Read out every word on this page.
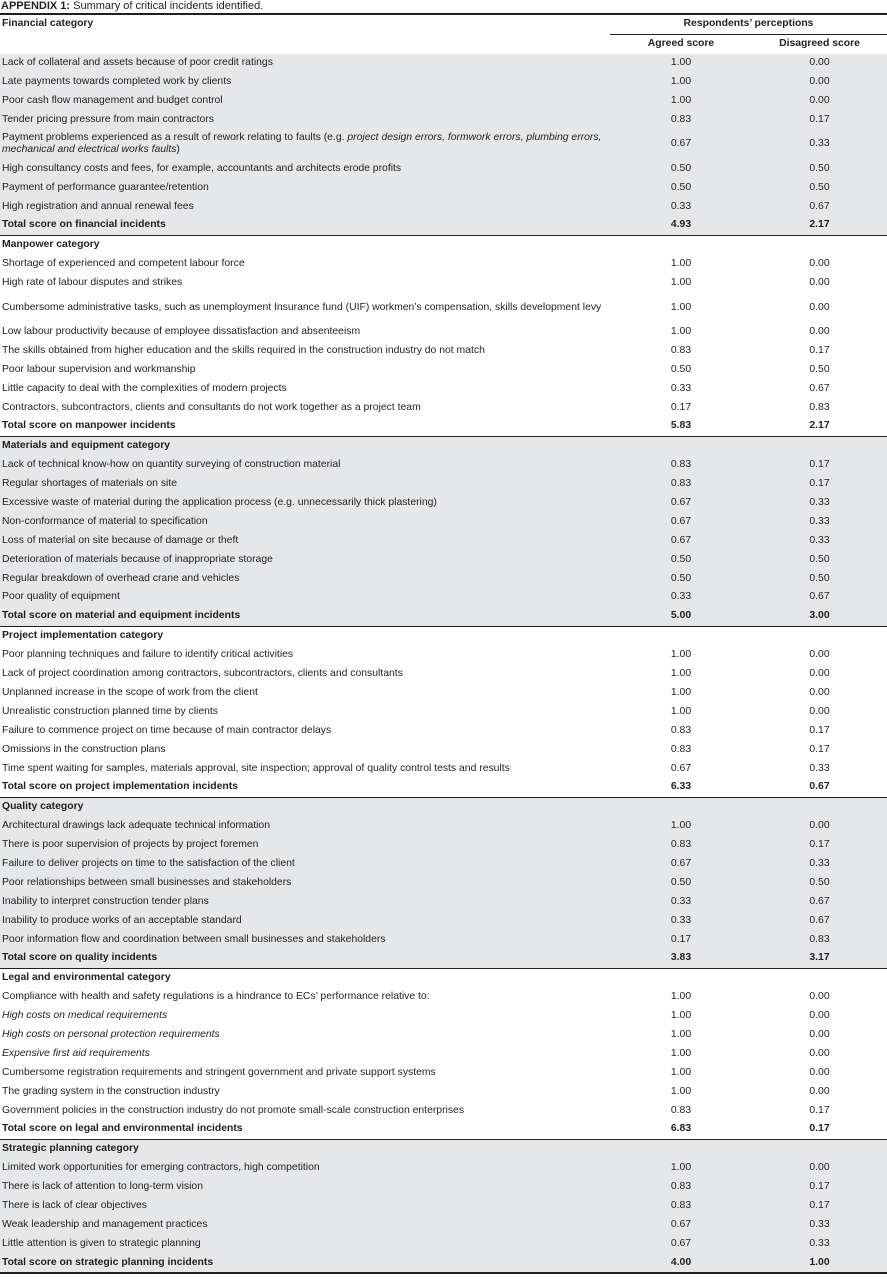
APPENDIX 1: Summary of critical incidents identified.
Financial category	Respondents’ perceptions	
	Agreed score	Disagreed score
Lack of collateral and assets because of poor credit ratings	1.00	0.00
Late payments towards completed work by clients	1.00	0.00
Poor cash flow management and budget control	1.00	0.00
Tender pricing pressure from main contractors	0.83	0.17
Payment problems experienced as a result of rework relating to faults (e.g. project design errors, formwork errors, plumbing errors, mechanical and electrical works faults)	0.67	0.33
High consultancy costs and fees, for example, accountants and architects erode profits	0.50	0.50
Payment of performance guarantee/retention	0.50	0.50
High registration and annual renewal fees	0.33	0.67
Total score on financial incidents	4.93	2.17
Manpower category		
Shortage of experienced and competent labour force	1.00	0.00
High rate of labour disputes and strikes	1.00	0.00
Cumbersome administrative tasks, such as unemployment Insurance fund (UIF) workmen’s compensation, skills development levy	1.00	0.00
Low labour productivity because of employee dissatisfaction and absenteeism	1.00	0.00
The skills obtained from higher education and the skills required in the construction industry do not match	0.83	0.17
Poor labour supervision and workmanship	0.50	0.50
Little capacity to deal with the complexities of modern projects	0.33	0.67
Contractors, subcontractors, clients and consultants do not work together as a project team	0.17	0.83
Total score on manpower incidents	5.83	2.17
Materials and equipment category		
Lack of technical know-how on quantity surveying of construction material	0.83	0.17
Regular shortages of materials on site	0.83	0.17
Excessive waste of material during the application process (e.g. unnecessarily thick plastering)	0.67	0.33
Non-conformance of material to specification	0.67	0.33
Loss of material on site because of damage or theft	0.67	0.33
Deterioration of materials because of inappropriate storage	0.50	0.50
Regular breakdown of overhead crane and vehicles	0.50	0.50
Poor quality of equipment	0.33	0.67
Total score on material and equipment incidents	5.00	3.00
Project implementation category		
Poor planning techniques and failure to identify critical activities	1.00	0.00
Lack of project coordination among contractors, subcontractors, clients and consultants	1.00	0.00
Unplanned increase in the scope of work from the client	1.00	0.00
Unrealistic construction planned time by clients	1.00	0.00
Failure to commence project on time because of main contractor delays	0.83	0.17
Omissions in the construction plans	0.83	0.17
Time spent waiting for samples, materials approval, site inspection; approval of quality control tests and results	0.67	0.33
Total score on project implementation incidents	6.33	0.67
Quality category		
Architectural drawings lack adequate technical information	1.00	0.00
There is poor supervision of projects by project foremen	0.83	0.17
Failure to deliver projects on time to the satisfaction of the client	0.67	0.33
Poor relationships between small businesses and stakeholders	0.50	0.50
Inability to interpret construction tender plans	0.33	0.67
Inability to produce works of an acceptable standard	0.33	0.67
Poor information flow and coordination between small businesses and stakeholders	0.17	0.83
Total score on quality incidents	3.83	3.17
Legal and environmental category		
Compliance with health and safety regulations is a hindrance to ECs’ performance relative to:	1.00	0.00
High costs on medical requirements	1.00	0.00
High costs on personal protection requirements	1.00	0.00
Expensive first aid requirements	1.00	0.00
Cumbersome registration requirements and stringent government and private support systems	1.00	0.00
The grading system in the construction industry	1.00	0.00
Government policies in the construction industry do not promote small-scale construction enterprises	0.83	0.17
Total score on legal and environmental incidents	6.83	0.17
Strategic planning category		
Limited work opportunities for emerging contractors, high competition	1.00	0.00
There is lack of attention to long-term vision	0.83	0.17
There is lack of clear objectives	0.83	0.17
Weak leadership and management practices	0.67	0.33
Little attention is given to strategic planning	0.67	0.33
Total score on strategic planning incidents	4.00	1.00
